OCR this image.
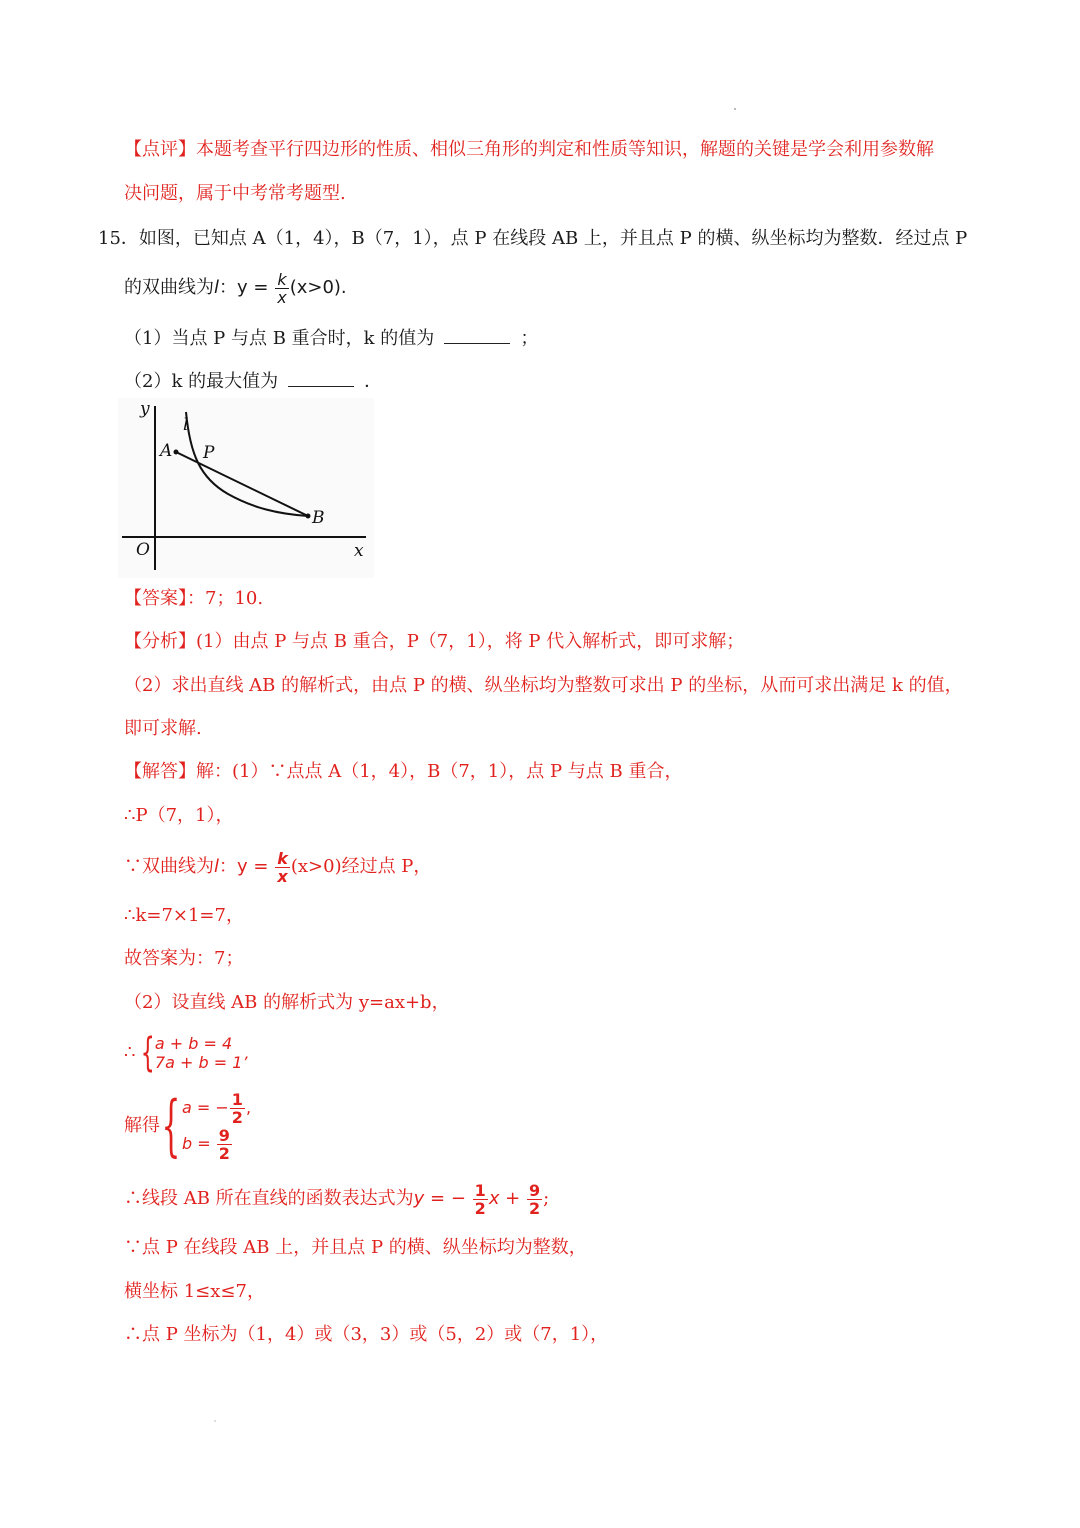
【点评】本题考查平行四边形的性质、相似三角形的判定和性质等知识，解题的关键是学会利用参数解
决问题，属于中考常考题型.
15．如图，已知点 A（1，4），B（7，1），点 P 在线段 AB 上，并且点 P 的横、纵坐标均为整数．经过点 P
的双曲线为l：$y = \frac{k}{x} (x>0)$.
（1）当点 P 与点 B 重合时，k 的值为	；
（2）k 的最大值为	．
y
x
O
A
B
P
l
【答案】：7；10.
【分析】(1）由点 P 与点 B 重合，P（7，1），将 P 代入解析式，即可求解；
（2）求出直线 AB 的解析式，由点 P 的横、纵坐标均为整数可求出 P 的坐标，从而可求出满足 k 的值，
即可求解.
【解答】解：(1）∵点点 A（1，4），B（7，1），点 P 与点 B 重合，
∴P（7，1），
∵双曲线为l：$y = \frac{k}{x} (x>0)$经过点 P，
∴k=7×1=7，
故答案为：7；
（2）设直线 AB 的解析式为 y=ax+b，
∴ { a + b = 4
7a + b = 1’
解得{ a = − $\frac{1}{2}$ ,
$b = \frac{9}{2}$
∴线段 AB 所在直线的函数表达式为y = − $\frac{1}{2}$ $x + \frac{9}{2}$ ;
∵点 P 在线段 AB 上，并且点 P 的横、纵坐标均为整数，
横坐标 1≤x≤7，
∴点 P 坐标为（1，4）或（3，3）或（5，2）或（7，1），
